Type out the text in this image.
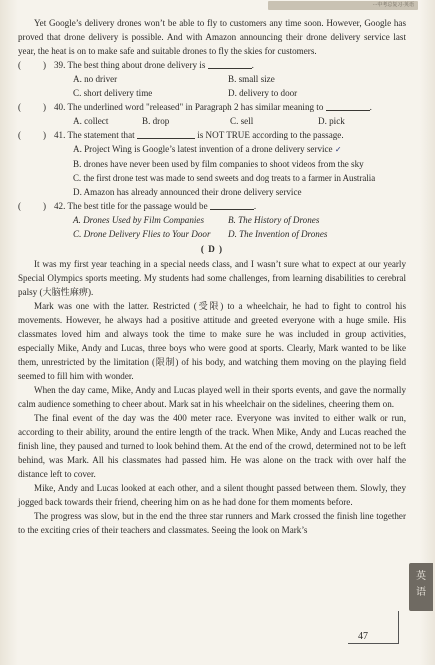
···中考总复习·英语

Yet Google’s delivery drones won’t be able to fly to customers any time soon. However, Google has proved that drone delivery is possible. And with Amazon announcing their drone delivery service last year, the heat is on to make safe and suitable drones to fly the skies for customers.

( ) 39. The best thing about drone delivery is
	.
A. no driver	B. small size
C. short delivery time	D. delivery to door
( ) 40. The underlined word "released" in Paragraph 2 has similar meaning to
	.
A. collect	B. drop	C. sell	D. pick
( ) 41. The statement that

	is NOT TRUE according to the passage.
A. Project Wing is Google’s latest invention of a drone delivery service ✓
B. drones have never been used by film companies to shoot videos from the sky
C. the first drone test was made to send sweets and dog treats to a farmer in Australia
D. Amazon has already announced their drone delivery service
( ) 42. The best title for the passage would be
	.
A. Drones Used by Film Companies	B. The History of Drones
C. Drone Delivery Flies to Your Door	D. The Invention of Drones
( D )

It was my first year teaching in a special needs class, and I wasn’t sure what to expect at our yearly Special Olympics sports meeting. My students had some challenges, from learning disabilities to cerebral palsy (大脑性麻痹).

Mark was one with the latter. Restricted (受限) to a wheelchair, he had to fight to control his movements. However, he always had a positive attitude and greeted everyone with a huge smile. His classmates loved him and always took the time to make sure he was included in group activities, especially Mike, Andy and Lucas, three boys who were good at sports. Clearly, Mark wanted to be like them, unrestricted by the limitation (限制) of his body, and watching them moving on the playing field seemed to fill him with wonder.

When the day came, Mike, Andy and Lucas played well in their sports events, and gave the normally calm audience something to cheer about. Mark sat in his wheelchair on the sidelines, cheering them on.

The final event of the day was the 400 meter race. Everyone was invited to either walk or run, according to their ability, around the entire length of the track. When Mike, Andy and Lucas reached the finish line, they paused and turned to look behind them. At the end of the crowd, determined not to be left behind, was Mark. All his classmates had passed him. He was alone on the track with over half the distance left to cover.

Mike, Andy and Lucas looked at each other, and a silent thought passed between them. Slowly, they jogged back towards their friend, cheering him on as he had done for them moments before.

The progress was slow, but in the end the three star runners and Mark crossed the finish line together to the exciting cries of their teachers and classmates. Seeing the look on Mark’s

英
语
47
